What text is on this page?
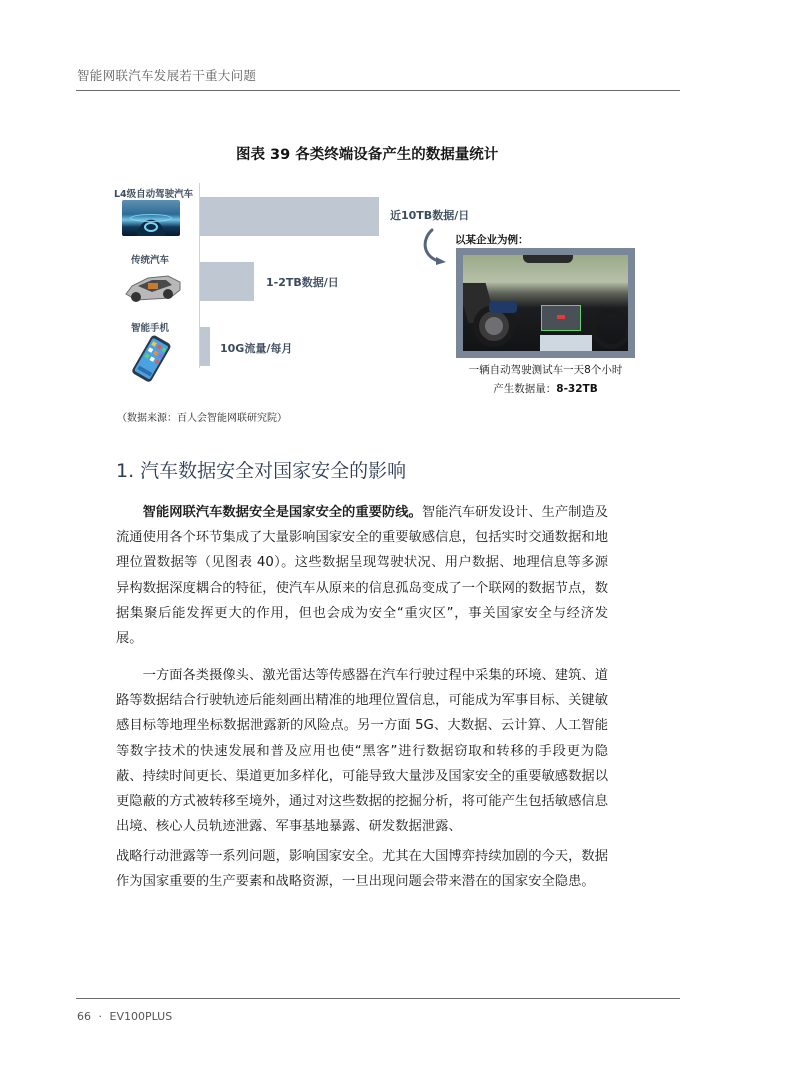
智能网联汽车发展若干重大问题
图表 39 各类终端设备产生的数据量统计
L4级自动驾驶汽车
近10TB数据/日
传统汽车
1-2TB数据/日
智能手机
10G流量/每月
以某企业为例：
一辆自动驾驶测试车一天8个小时
产生数据量：8-32TB
（数据来源：百人会智能网联研究院）
1. 汽车数据安全对国家安全的影响

智能网联汽车数据安全是国家安全的重要防线。智能汽车研发设计、生产制造及流通使用各个环节集成了大量影响国家安全的重要敏感信息，包括实时交通数据和地理位置数据等（见图表 40）。这些数据呈现驾驶状况、用户数据、地理信息等多源异构数据深度耦合的特征，使汽车从原来的信息孤岛变成了一个联网的数据节点，数据集聚后能发挥更大的作用，但也会成为安全“重灾区”，事关国家安全与经济发展。

一方面各类摄像头、激光雷达等传感器在汽车行驶过程中采集的环境、建筑、道路等数据结合行驶轨迹后能刻画出精准的地理位置信息，可能成为军事目标、关键敏感目标等地理坐标数据泄露新的风险点。另一方面 5G、大数据、云计算、人工智能等数字技术的快速发展和普及应用也使“黑客”进行数据窃取和转移的手段更为隐蔽、持续时间更长、渠道更加多样化，可能导致大量涉及国家安全的重要敏感数据以更隐蔽的方式被转移至境外，通过对这些数据的挖掘分析，将可能产生包括敏感信息出境、核心人员轨迹泄露、军事基地暴露、研发数据泄露、

战略行动泄露等一系列问题，影响国家安全。尤其在大国博弈持续加剧的今天，数据作为国家重要的生产要素和战略资源，一旦出现问题会带来潜在的国家安全隐患。

66 · EV100PLUS
